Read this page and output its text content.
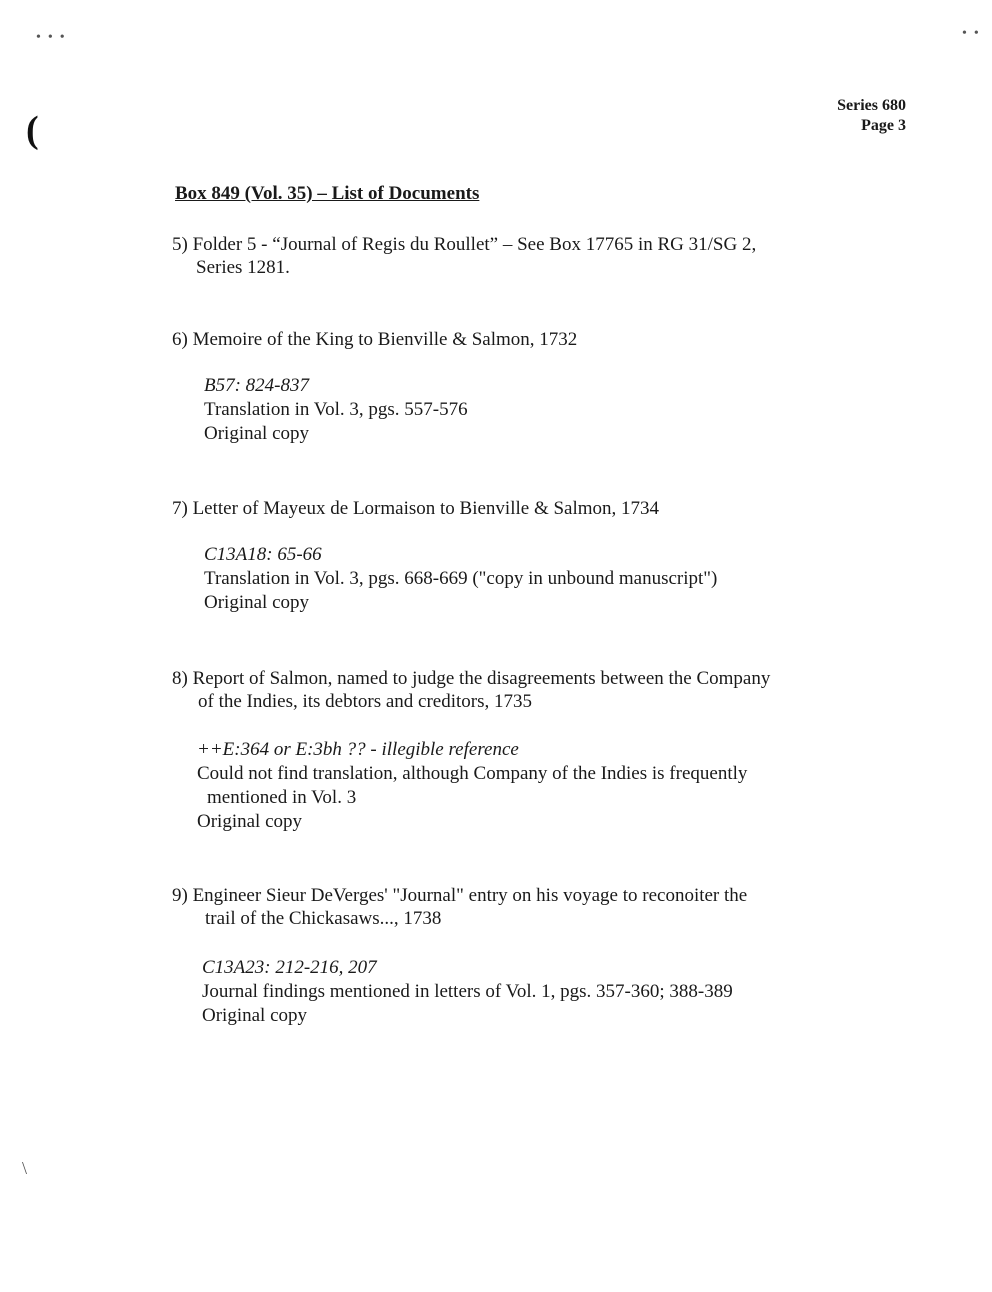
•  •  •	•  •
(
Series 680
Page 3
Box 849 (Vol. 35) – List of Documents
5) Folder 5 - “Journal of Regis du Roullet” – See Box 17765 in RG 31/SG 2,
Series 1281.
6) Memoire of the King to Bienville & Salmon, 1732
B57: 824-837
Translation in Vol. 3, pgs. 557-576
Original copy
7) Letter of Mayeux de Lormaison to Bienville & Salmon, 1734
C13A18: 65-66
Translation in Vol. 3, pgs. 668-669 ("copy in unbound manuscript")
Original copy
8) Report of Salmon, named to judge the disagreements between the Company
of the Indies, its debtors and creditors, 1735
++E:364 or E:3bh ?? - illegible reference
Could not find translation, although Company of the Indies is frequently
mentioned in Vol. 3
Original copy
9) Engineer Sieur DeVerges' "Journal" entry on his voyage to reconoiter the
trail of the Chickasaws..., 1738
C13A23: 212-216, 207
Journal findings mentioned in letters of Vol. 1, pgs. 357-360; 388-389
Original copy
\
